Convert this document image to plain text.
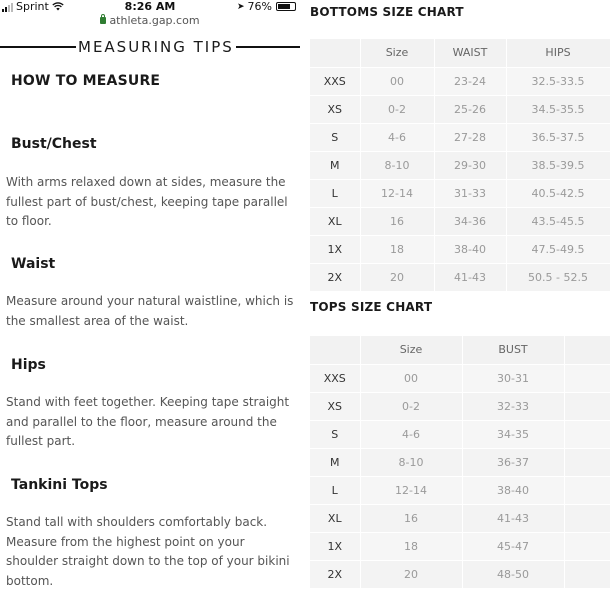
Sprint	8:26 AM	➤ 76%
athleta.gap.com
MEASURING TIPS
HOW TO MEASURE
Bust/Chest
With arms relaxed down at sides, measure the fullest part of bust/chest, keeping tape parallel to floor.
Waist
Measure around your natural waistline, which is the smallest area of the waist.
Hips
Stand with feet together. Keeping tape straight and parallel to the floor, measure around the fullest part.
Tankini Tops
Stand tall with shoulders comfortably back. Measure from the highest point on your shoulder straight down to the top of your bikini bottom.
BOTTOMS SIZE CHART
	Size	WAIST	HIPS
XXS	00	23-24	32.5-33.5
XS	0-2	25-26	34.5-35.5
S	4-6	27-28	36.5-37.5
M	8-10	29-30	38.5-39.5
L	12-14	31-33	40.5-42.5
XL	16	34-36	43.5-45.5
1X	18	38-40	47.5-49.5
2X	20	41-43	50.5 - 52.5
TOPS SIZE CHART
	Size	BUST	
XXS	00	30-31	
XS	0-2	32-33	
S	4-6	34-35	
M	8-10	36-37	
L	12-14	38-40	
XL	16	41-43	
1X	18	45-47	
2X	20	48-50	
